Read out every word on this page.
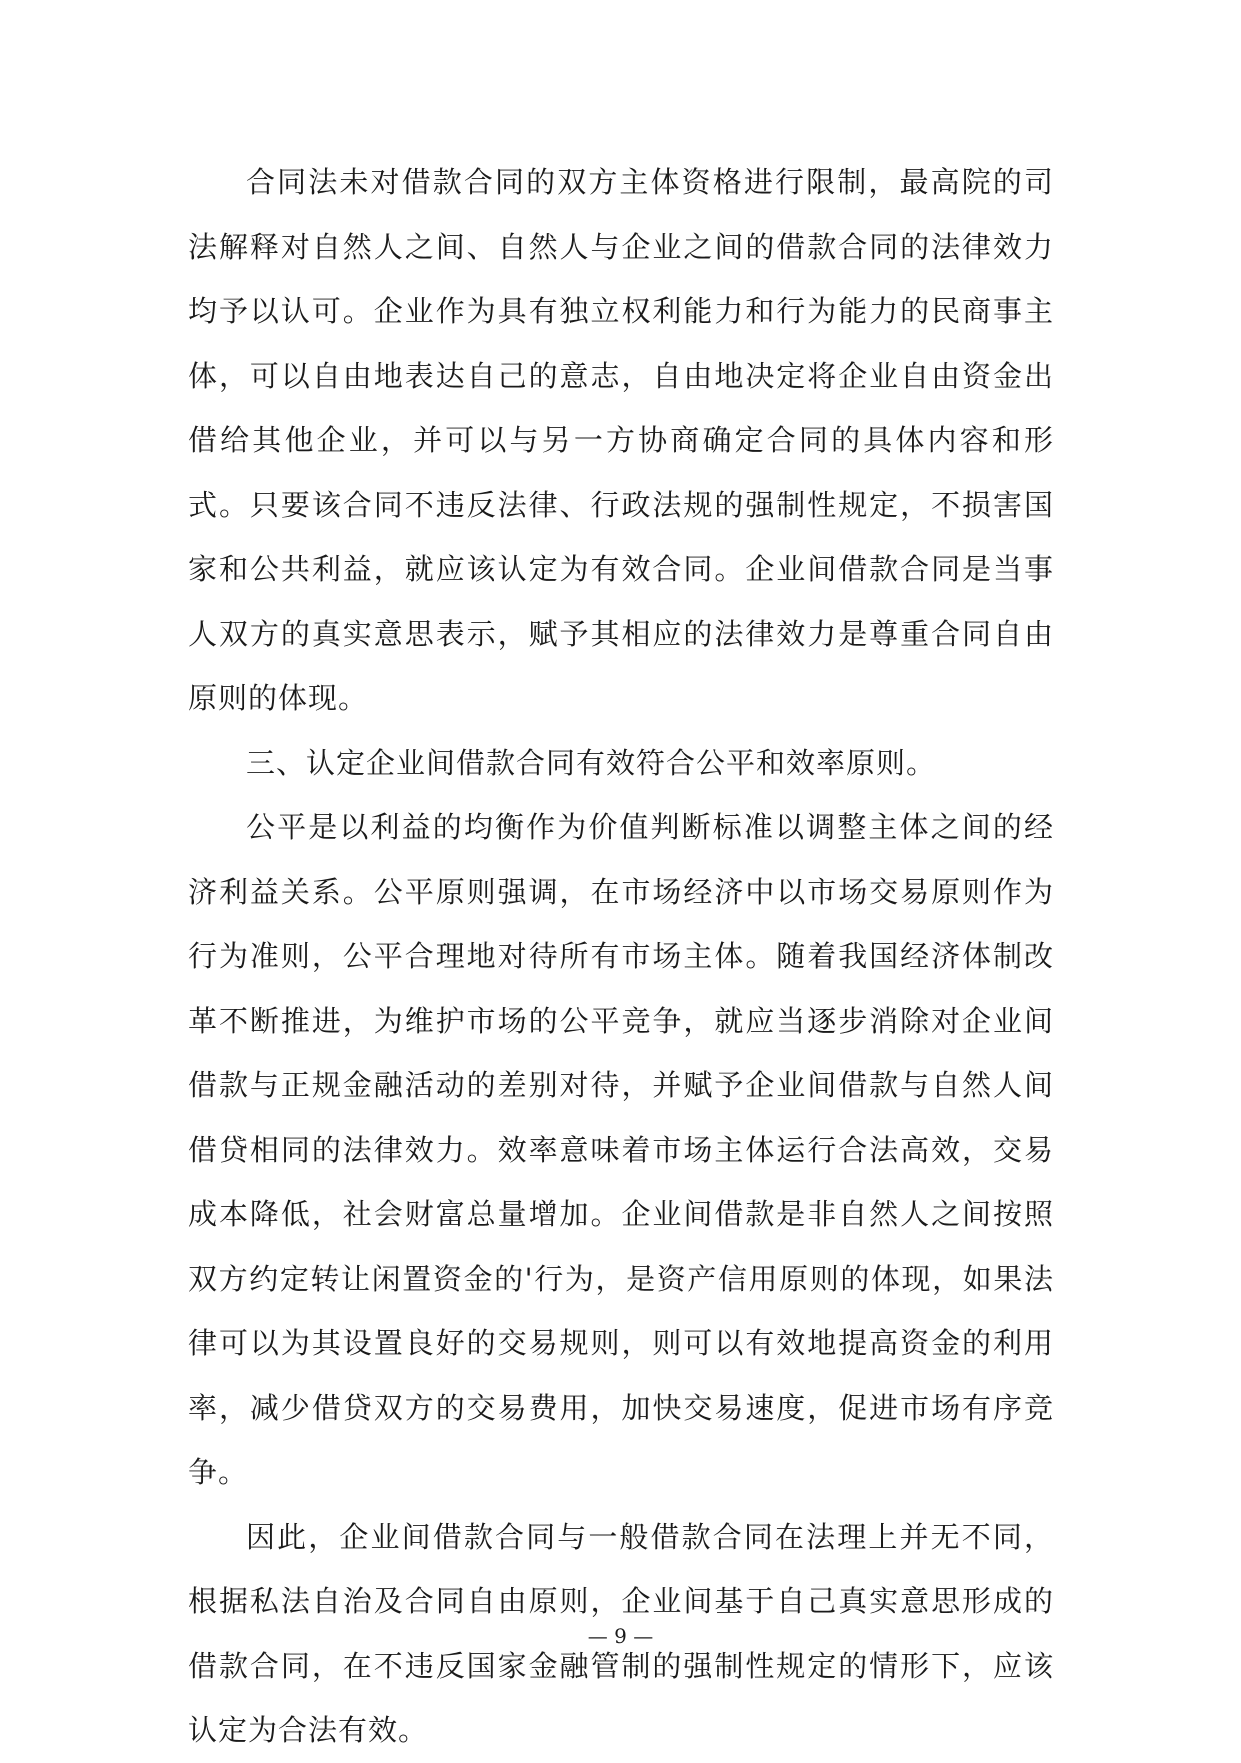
合同法未对借款合同的双方主体资格进行限制，最高院的司法解释对自然人之间、自然人与企业之间的借款合同的法律效力均予以认可。企业作为具有独立权利能力和行为能力的民商事主体，可以自由地表达自己的意志，自由地决定将企业自由资金出借给其他企业，并可以与另一方协商确定合同的具体内容和形式。只要该合同不违反法律、行政法规的强制性规定，不损害国家和公共利益，就应该认定为有效合同。企业间借款合同是当事人双方的真实意思表示，赋予其相应的法律效力是尊重合同自由原则的体现。

三、认定企业间借款合同有效符合公平和效率原则。

公平是以利益的均衡作为价值判断标准以调整主体之间的经济利益关系。公平原则强调，在市场经济中以市场交易原则作为行为准则，公平合理地对待所有市场主体。随着我国经济体制改革不断推进，为维护市场的公平竞争，就应当逐步消除对企业间借款与正规金融活动的差别对待，并赋予企业间借款与自然人间借贷相同的法律效力。效率意味着市场主体运行合法高效，交易成本降低，社会财富总量增加。企业间借款是非自然人之间按照双方约定转让闲置资金的'行为，是资产信用原则的体现，如果法律可以为其设置良好的交易规则，则可以有效地提高资金的利用率，减少借贷双方的交易费用，加快交易速度，促进市场有序竞争。

因此，企业间借款合同与一般借款合同在法理上并无不同，根据私法自治及合同自由原则，企业间基于自己真实意思形成的借款合同，在不违反国家金融管制的强制性规定的情形下，应该认定为合法有效。

— 9 —
